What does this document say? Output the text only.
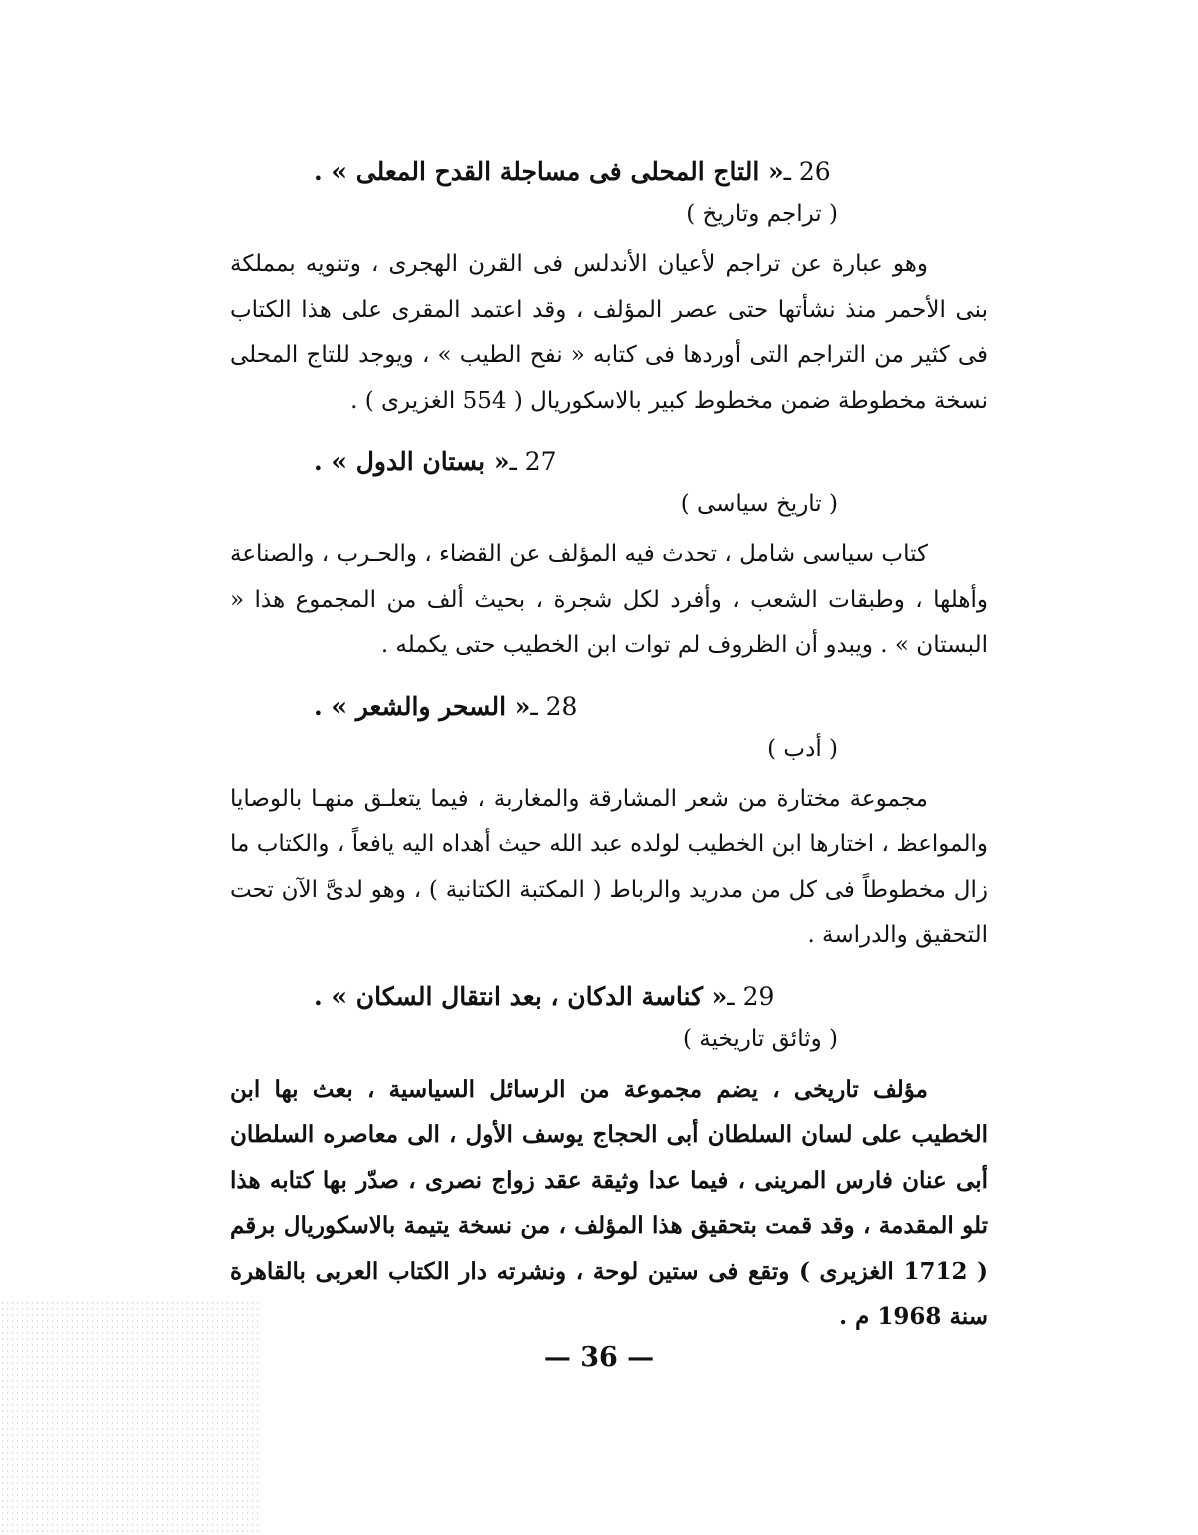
26 ـ
« التاج المحلى فى مساجلة القدح المعلى » .
( تراجم وتاريخ )

وهو عبارة عن تراجم لأعيان الأندلس فى القرن الهجرى ، وتنويه بمملكة بنى الأحمر منذ نشأتها حتى عصر المؤلف ، وقد اعتمد المقرى على هذا الكتاب فى كثير من التراجم التى أوردها فى كتابه « نفح الطيب » ، ويوجد للتاج المحلى نسخة مخطوطة ضمن مخطوط كبير بالاسكوريال ( 554 الغزيرى ) .

27 ـ
« بستان الدول » .
( تاريخ سياسى )

كتاب سياسى شامل ، تحدث فيه المؤلف عن القضاء ، والحـرب ، والصناعة وأهلها ، وطبقات الشعب ، وأفرد لكل شجرة ، بحيث ألف من المجموع هذا « البستان » . ويبدو أن الظروف لم توات ابن الخطيب حتى يكمله .

28 ـ
« السحر والشعر » .
( أدب )

مجموعة مختارة من شعر المشارقة والمغاربة ، فيما يتعلـق منهـا بالوصايا والمواعظ ، اختارها ابن الخطيب لولده عبد الله حيث أهداه اليه يافعاً ، والكتاب ما زال مخطوطاً فى كل من مدريد والرباط ( المكتبة الكتانية ) ، وهو لدىَّ الآن تحت التحقيق والدراسة .

29 ـ
« كناسة الدكان ، بعد انتقال السكان » .
( وثائق تاريخية )

مؤلف تاريخى ، يضم مجموعة من الرسائل السياسية ، بعث بها ابن الخطيب على لسان السلطان أبى الحجاج يوسف الأول ، الى معاصره السلطان أبى عنان فارس المرينى ، فيما عدا وثيقة عقد زواج نصرى ، صدّر بها كتابه هذا تلو المقدمة ، وقد قمت بتحقيق هذا المؤلف ، من نسخة يتيمة بالاسكوريال برقم ( 1712 الغزيرى ) وتقع فى ستين لوحة ، ونشرته دار الكتاب العربى بالقاهرة سنة 1968 م .

— 36 —
